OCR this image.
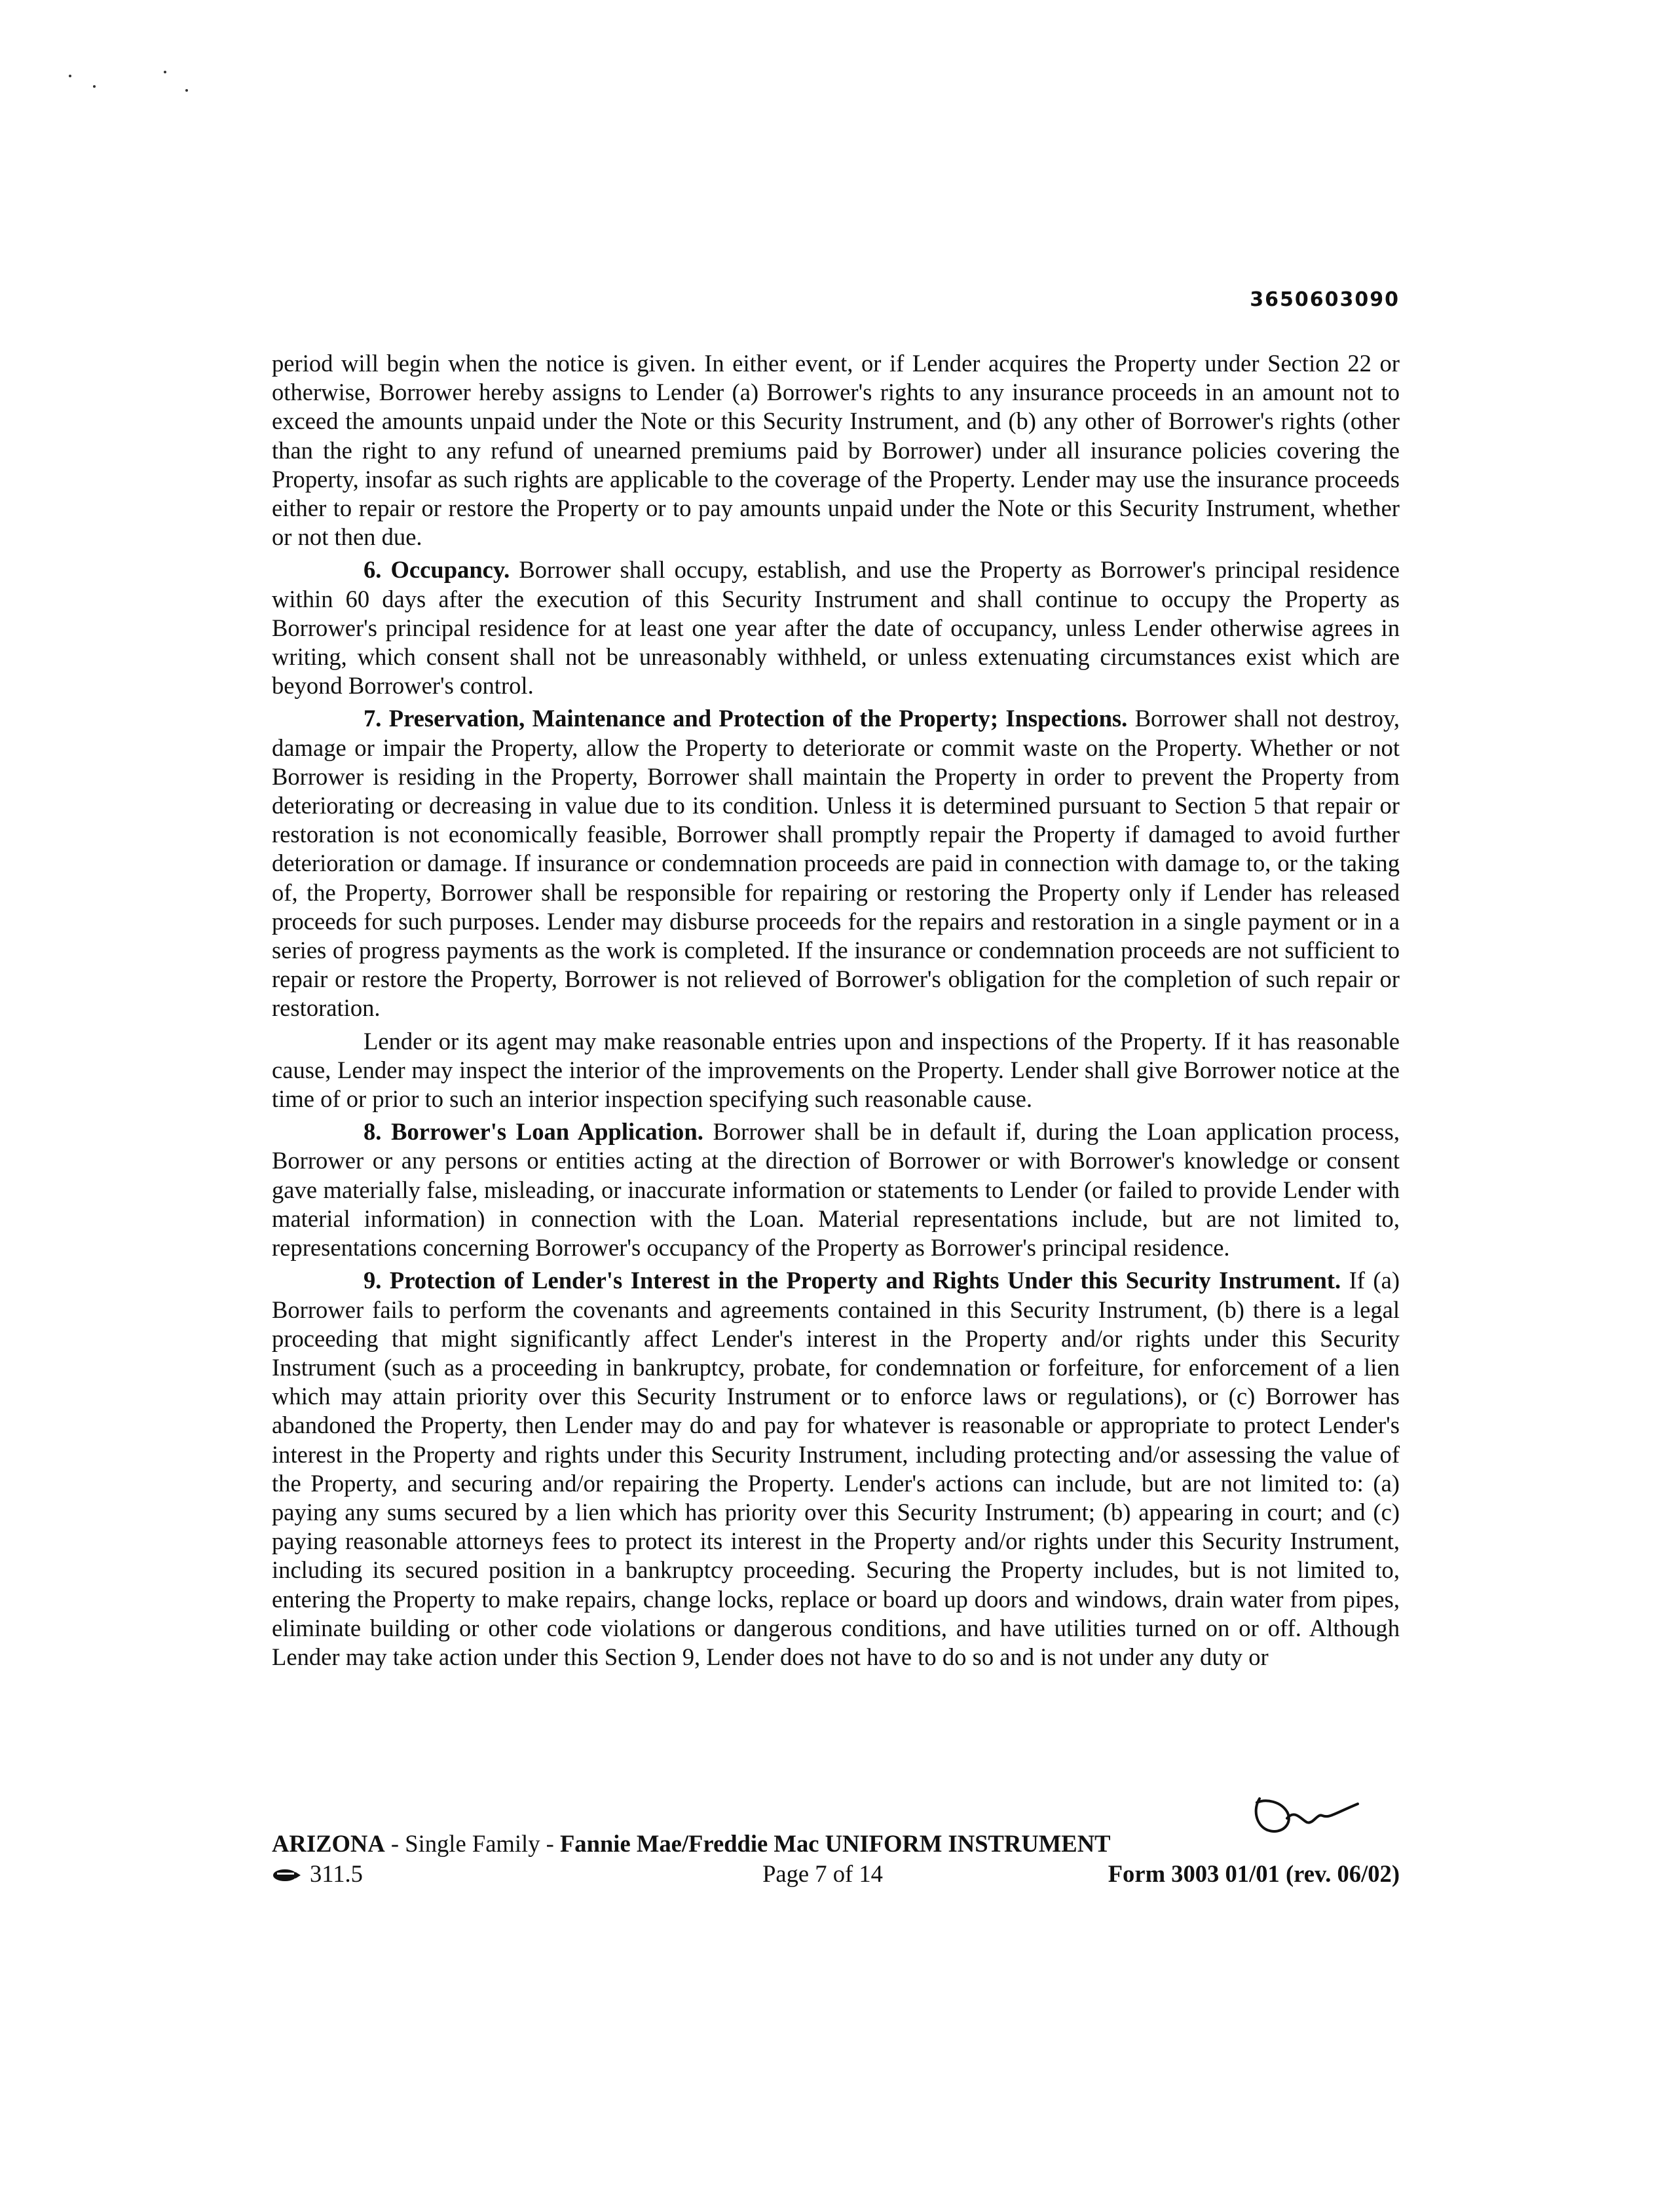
3650603090

period will begin when the notice is given. In either event, or if Lender acquires the Property under Section 22 or otherwise, Borrower hereby assigns to Lender (a) Borrower's rights to any insurance proceeds in an amount not to exceed the amounts unpaid under the Note or this Security Instrument, and (b) any other of Borrower's rights (other than the right to any refund of unearned premiums paid by Borrower) under all insurance policies covering the Property, insofar as such rights are applicable to the coverage of the Property. Lender may use the insurance proceeds either to repair or restore the Property or to pay amounts unpaid under the Note or this Security Instrument, whether or not then due.

6. Occupancy. Borrower shall occupy, establish, and use the Property as Borrower's principal residence within 60 days after the execution of this Security Instrument and shall continue to occupy the Property as Borrower's principal residence for at least one year after the date of occupancy, unless Lender otherwise agrees in writing, which consent shall not be unreasonably withheld, or unless extenuating circumstances exist which are beyond Borrower's control.

7. Preservation, Maintenance and Protection of the Property; Inspections. Borrower shall not destroy, damage or impair the Property, allow the Property to deteriorate or commit waste on the Property. Whether or not Borrower is residing in the Property, Borrower shall maintain the Property in order to prevent the Property from deteriorating or decreasing in value due to its condition. Unless it is determined pursuant to Section 5 that repair or restoration is not economically feasible, Borrower shall promptly repair the Property if damaged to avoid further deterioration or damage. If insurance or condemnation proceeds are paid in connection with damage to, or the taking of, the Property, Borrower shall be responsible for repairing or restoring the Property only if Lender has released proceeds for such purposes. Lender may disburse proceeds for the repairs and restoration in a single payment or in a series of progress payments as the work is completed. If the insurance or condemnation proceeds are not sufficient to repair or restore the Property, Borrower is not relieved of Borrower's obligation for the completion of such repair or restoration.

Lender or its agent may make reasonable entries upon and inspections of the Property. If it has reasonable cause, Lender may inspect the interior of the improvements on the Property. Lender shall give Borrower notice at the time of or prior to such an interior inspection specifying such reasonable cause.

8. Borrower's Loan Application. Borrower shall be in default if, during the Loan application process, Borrower or any persons or entities acting at the direction of Borrower or with Borrower's knowledge or consent gave materially false, misleading, or inaccurate information or statements to Lender (or failed to provide Lender with material information) in connection with the Loan. Material representations include, but are not limited to, representations concerning Borrower's occupancy of the Property as Borrower's principal residence.

9. Protection of Lender's Interest in the Property and Rights Under this Security Instrument. If (a) Borrower fails to perform the covenants and agreements contained in this Security Instrument, (b) there is a legal proceeding that might significantly affect Lender's interest in the Property and/or rights under this Security Instrument (such as a proceeding in bankruptcy, probate, for condemnation or forfeiture, for enforcement of a lien which may attain priority over this Security Instrument or to enforce laws or regulations), or (c) Borrower has abandoned the Property, then Lender may do and pay for whatever is reasonable or appropriate to protect Lender's interest in the Property and rights under this Security Instrument, including protecting and/or assessing the value of the Property, and securing and/or repairing the Property. Lender's actions can include, but are not limited to: (a) paying any sums secured by a lien which has priority over this Security Instrument; (b) appearing in court; and (c) paying reasonable attorneys fees to protect its interest in the Property and/or rights under this Security Instrument, including its secured position in a bankruptcy proceeding. Securing the Property includes, but is not limited to, entering the Property to make repairs, change locks, replace or board up doors and windows, drain water from pipes, eliminate building or other code violations or dangerous conditions, and have utilities turned on or off. Although Lender may take action under this Section 9, Lender does not have to do so and is not under any duty or

ARIZONA - Single Family - Fannie Mae/Freddie Mac UNIFORM INSTRUMENT
311.5	Page 7 of 14	Form 3003 01/01 (rev. 06/02)
